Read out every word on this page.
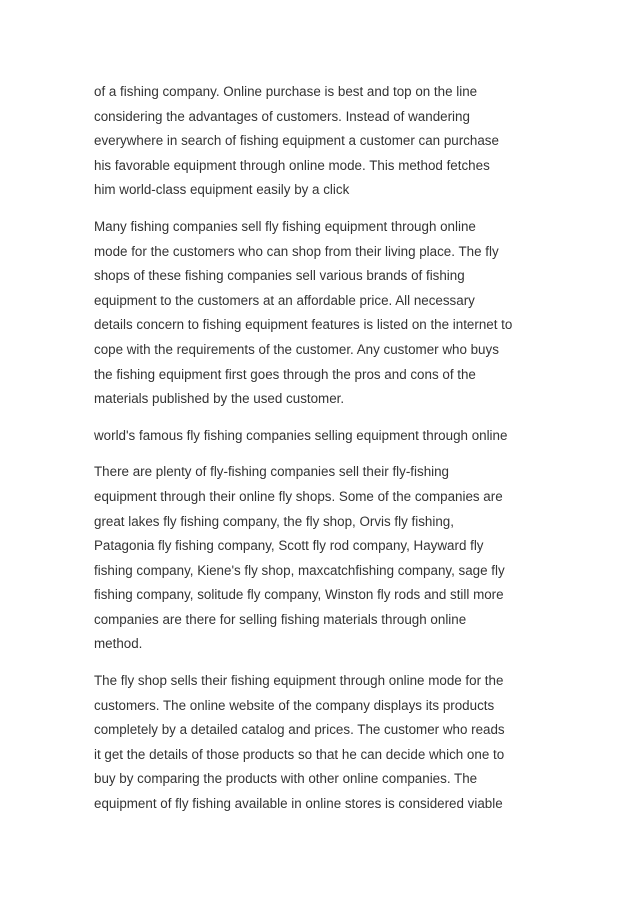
of a fishing company. Online purchase is best and top on the line
considering the advantages of customers. Instead of wandering
everywhere in search of fishing equipment a customer can purchase
his favorable equipment through online mode. This method fetches
him world-class equipment easily by a click

Many fishing companies sell fly fishing equipment through online
mode for the customers who can shop from their living place. The fly
shops of these fishing companies sell various brands of fishing
equipment to the customers at an affordable price. All necessary
details concern to fishing equipment features is listed on the internet to
cope with the requirements of the customer. Any customer who buys
the fishing equipment first goes through the pros and cons of the
materials published by the used customer.

world's famous fly fishing companies selling equipment through online

There are plenty of fly-fishing companies sell their fly-fishing
equipment through their online fly shops. Some of the companies are
great lakes fly fishing company, the fly shop, Orvis fly fishing,
Patagonia fly fishing company, Scott fly rod company, Hayward fly
fishing company, Kiene's fly shop, maxcatchfishing company, sage fly
fishing company, solitude fly company, Winston fly rods and still more
companies are there for selling fishing materials through online
method.

The fly shop sells their fishing equipment through online mode for the
customers. The online website of the company displays its products
completely by a detailed catalog and prices. The customer who reads
it get the details of those products so that he can decide which one to
buy by comparing the products with other online companies. The
equipment of fly fishing available in online stores is considered viable
